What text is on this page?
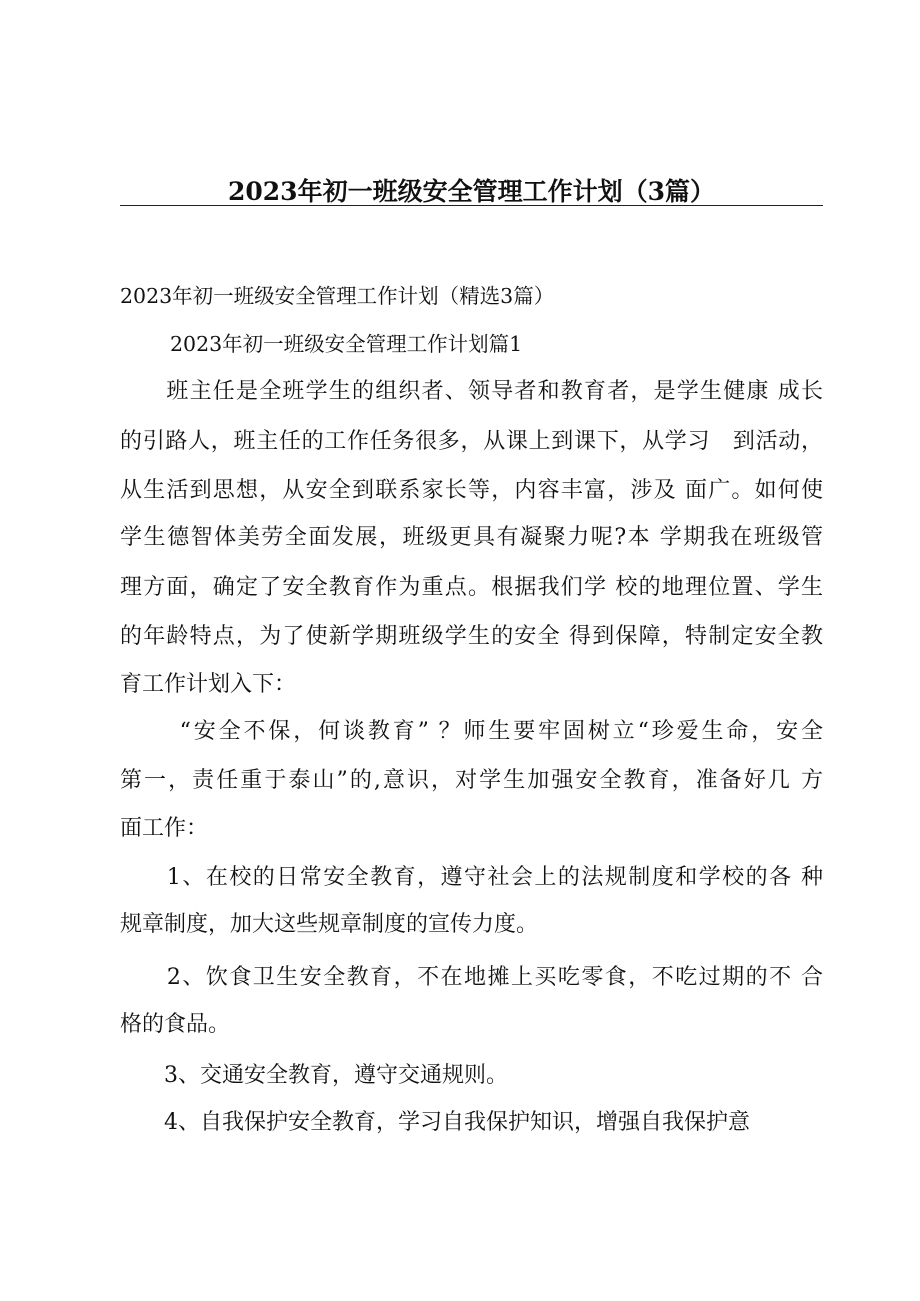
2023年初一班级安全管理工作计划（3篇）
2023年初一班级安全管理工作计划（精选3篇）
2023年初一班级安全管理工作计划篇1
　　班主任是全班学生的组织者、领导者和教育者，是学生健康 成长
的引路人，班主任的工作任务很多，从课上到课下，从学习　到活动，
从生活到思想，从安全到联系家长等，内容丰富，涉及 面广。如何使
学生德智体美劳全面发展，班级更具有凝聚力呢?本 学期我在班级管
理方面，确定了安全教育作为重点。根据我们学 校的地理位置、学生
的年龄特点，为了使新学期班级学生的安全 得到保障，特制定安全教
育工作计划入下：
　　 “安全不保，何谈教育” ？师生要牢固树立“珍爱生命，安全
第一，责任重于泰山”的,意识，对学生加强安全教育，准备好几 方
面工作：
　　1、在校的日常安全教育，遵守社会上的法规制度和学校的各 种
规章制度，加大这些规章制度的宣传力度。
　　2、饮食卫生安全教育，不在地摊上买吃零食，不吃过期的不 合
格的食品。
　　3、交通安全教育，遵守交通规则。
　　4、自我保护安全教育，学习自我保护知识，增强自我保护意
